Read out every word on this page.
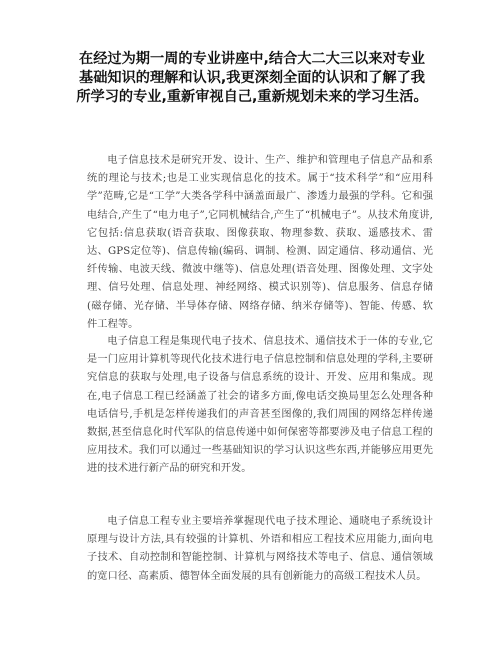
在经过为期一周的专业讲座中,结合大二大三以来对专业基础知识的理解和认识,我更深刻全面的认识和了解了我所学习的专业,重新审视自己,重新规划未来的学习生活。

电子信息技术是研究开发、设计、生产、维护和管理电子信息产品和系统的理论与技术;也是工业实现信息化的技术。属于“技术科学”和“应用科学”范畴,它是“工学”大类各学科中涵盖面最广、渗透力最强的学科。它和强电结合,产生了“电力电子”,它同机械结合,产生了“机械电子”。从技术角度讲,它包括:信息获取(语音获取、图像获取、物理参数、获取、遥感技术、雷达、GPS定位等)、信息传输(编码、调制、检测、固定通信、移动通信、光纤传输、电波天线、微波中继等)、信息处理(语音处理、图像处理、文字处理、信号处理、信息处理、神经网络、模式识别等)、信息服务、信息存储(磁存储、光存储、半导体存储、网络存储、纳米存储等)、智能、传感、软件工程等。

电子信息工程是集现代电子技术、信息技术、通信技术于一体的专业,它是一门应用计算机等现代化技术进行电子信息控制和信息处理的学科,主要研究信息的获取与处理,电子设备与信息系统的设计、开发、应用和集成。现在,电子信息工程已经涵盖了社会的诸多方面,像电话交换局里怎么处理各种电话信号,手机是怎样传递我们的声音甚至图像的,我们周围的网络怎样传递数据,甚至信息化时代军队的信息传递中如何保密等都要涉及电子信息工程的应用技术。我们可以通过一些基础知识的学习认识这些东西,并能够应用更先进的技术进行新产品的研究和开发。

电子信息工程专业主要培养掌握现代电子技术理论、通晓电子系统设计原理与设计方法,具有较强的计算机、外语和相应工程技术应用能力,面向电子技术、自动控制和智能控制、计算机与网络技术等电子、信息、通信领域的宽口径、高素质、德智体全面发展的具有创新能力的高级工程技术人员。
